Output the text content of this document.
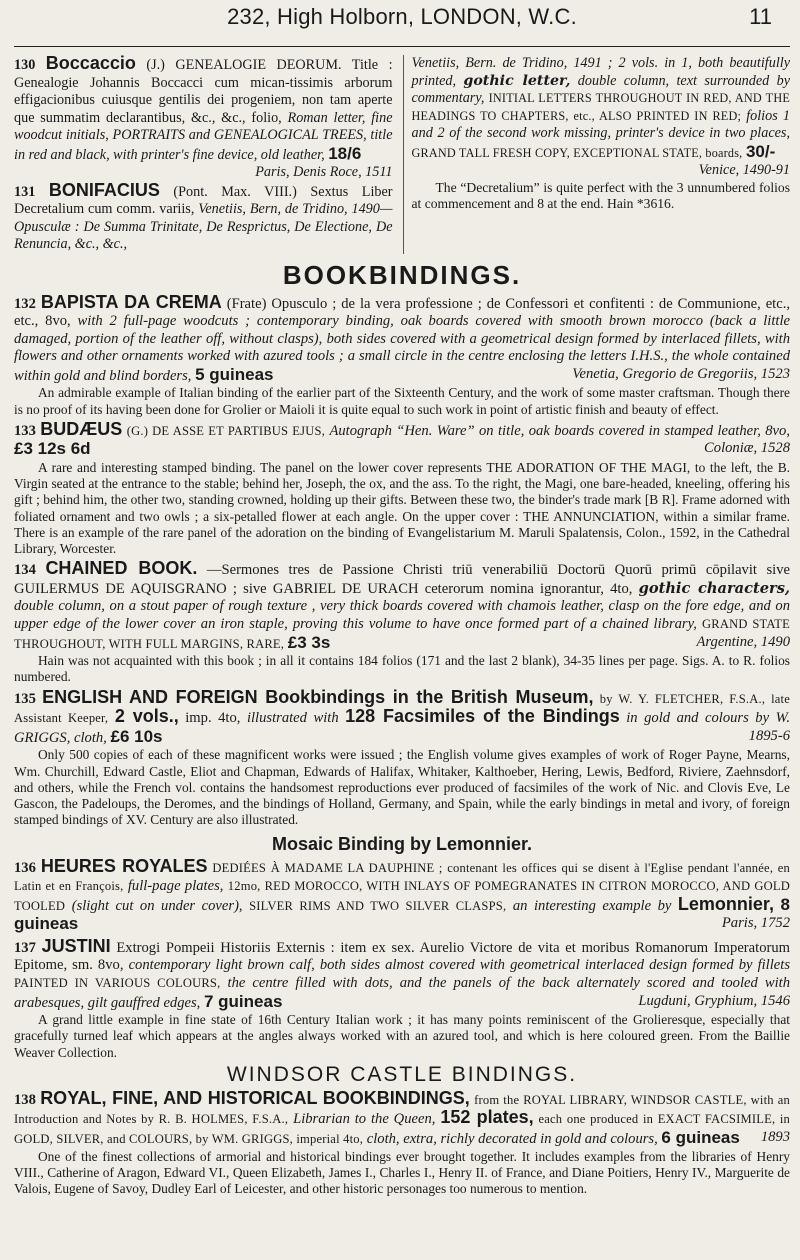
232, High Holborn, LONDON, W.C.	11

130 Boccaccio (J.) GENEALOGIE DEORUM. Title : Genealogie Johannis Boccacci cum mican-tissimis arborum effigacionibus cuiusque gentilis dei progeniem, non tam aperte que summatim declarantibus, &c., &c., folio, Roman letter, fine woodcut initials, PORTRAITS and GENEALOGICAL TREES, title in red and black, with printer's fine device, old leather, 18/6
Paris, Denis Roce, 1511

131 BONIFACIUS (Pont. Max. VIII.) Sextus Liber Decretalium cum comm. variis, Venetiis, Bern, de Tridino, 1490—Opusculæ : De Summa Trinitate, De Resprictus, De Electione, De Renuncia, &c., &c.,

Venetiis, Bern. de Tridino, 1491 ; 2 vols. in 1, both beautifully printed, gothic letter, double column, text surrounded by commentary, INITIAL LETTERS THROUGHOUT IN RED, AND THE HEADINGS TO CHAPTERS, etc., ALSO PRINTED IN RED; folios 1 and 2 of the second work missing, printer's device in two places, GRAND TALL FRESH COPY, EXCEPTIONAL STATE, boards, 30/-
Venice, 1490-91

The “Decretalium” is quite perfect with the 3 unnumbered folios at commencement and 8 at the end. Hain *3616.

BOOKBINDINGS.

132 BAPISTA DA CREMA (Frate) Opusculo ; de la vera professione ; de Confessori et confitenti : de Communione, etc., etc., 8vo, with 2 full-page woodcuts ; contemporary binding, oak boards covered with smooth brown morocco (back a little damaged, portion of the leather off, without clasps), both sides covered with a geometrical design formed by interlaced fillets, with flowers and other ornaments worked with azured tools ; a small circle in the centre enclosing the letters I.H.S., the whole contained within gold and blind borders, 5 guineas	Venetia, Gregorio de Gregoriis, 1523

An admirable example of Italian binding of the earlier part of the Sixteenth Century, and the work of some master craftsman. Though there is no proof of its having been done for Grolier or Maioli it is quite equal to such work in point of artistic finish and beauty of effect.

133 BUDÆUS (G.) DE ASSE ET PARTIBUS EJUS, Autograph “Hen. Ware” on title, oak boards covered in stamped leather, 8vo, £3 12s 6d	Coloniæ, 1528

A rare and interesting stamped binding. The panel on the lower cover represents THE ADORATION OF THE MAGI, to the left, the B. Virgin seated at the entrance to the stable; behind her, Joseph, the ox, and the ass. To the right, the Magi, one bare-headed, kneeling, offering his gift ; behind him, the other two, standing crowned, holding up their gifts. Between these two, the binder's trade mark [B R]. Frame adorned with foliated ornament and two owls ; a six-petalled flower at each angle. On the upper cover : THE ANNUNCIATION, within a similar frame. There is an example of the rare panel of the adoration on the binding of Evangelistarium M. Maruli Spalatensis, Colon., 1592, in the Cathedral Library, Worcester.

134 CHAINED BOOK. —Sermones tres de Passione Christi triū venerabiliū Doctorū Quorū primū cōpilavit sive GUILERMUS DE AQUISGRANO ; sive GABRIEL DE URACH ceterorum nomina ignorantur, 4to, gothic characters, double column, on a stout paper of rough texture , very thick boards covered with chamois leather, clasp on the fore edge, and on upper edge of the lower cover an iron staple, proving this volume to have once formed part of a chained library, GRAND STATE THROUGHOUT, WITH FULL MARGINS, RARE, £3 3s	Argentine, 1490

Hain was not acquainted with this book ; in all it contains 184 folios (171 and the last 2 blank), 34-35 lines per page. Sigs. A. to R. folios numbered.

135 ENGLISH AND FOREIGN Bookbindings in the British Museum, by W. Y. FLETCHER, F.S.A., late Assistant Keeper, 2 vols., imp. 4to, illustrated with 128 Facsimiles of the Bindings in gold and colours by W. GRIGGS, cloth, £6 10s	1895-6

Only 500 copies of each of these magnificent works were issued ; the English volume gives examples of work of Roger Payne, Mearns, Wm. Churchill, Edward Castle, Eliot and Chapman, Edwards of Halifax, Whitaker, Kalthoeber, Hering, Lewis, Bedford, Riviere, Zaehnsdorf, and others, while the French vol. contains the handsomest reproductions ever produced of facsimiles of the work of Nic. and Clovis Eve, Le Gascon, the Padeloups, the Deromes, and the bindings of Holland, Germany, and Spain, while the early bindings in metal and ivory, of foreign stamped bindings of XV. Century are also illustrated.

Mosaic Binding by Lemonnier.

136 HEURES ROYALES DEDIÉES À MADAME LA DAUPHINE ; contenant les offices qui se disent à l'Eglise pendant l'année, en Latin et en François, full-page plates, 12mo, RED MOROCCO, WITH INLAYS OF POMEGRANATES IN CITRON MOROCCO, AND GOLD TOOLED (slight cut on under cover), SILVER RIMS AND TWO SILVER CLASPS, an interesting example by Lemonnier, 8 guineas	Paris, 1752

137 JUSTINI Extrogi Pompeii Historiis Externis : item ex sex. Aurelio Victore de vita et moribus Romanorum Imperatorum Epitome, sm. 8vo, contemporary light brown calf, both sides almost covered with geometrical interlaced design formed by fillets PAINTED IN VARIOUS COLOURS, the centre filled with dots, and the panels of the back alternately scored and tooled with arabesques, gilt gauffred edges, 7 guineas	Lugduni, Gryphium, 1546

A grand little example in fine state of 16th Century Italian work ; it has many points reminiscent of the Grolieresque, especially that gracefully turned leaf which appears at the angles always worked with an azured tool, and which is here coloured green. From the Baillie Weaver Collection.

WINDSOR CASTLE BINDINGS.

138 ROYAL, FINE, AND HISTORICAL BOOKBINDINGS, from the ROYAL LIBRARY, WINDSOR CASTLE, with an Introduction and Notes by R. B. HOLMES, F.S.A., Librarian to the Queen, 152 plates, each one produced in EXACT FACSIMILE, in GOLD, SILVER, and COLOURS, by WM. GRIGGS, imperial 4to, cloth, extra, richly decorated in gold and colours, 6 guineas 1893

One of the finest collections of armorial and historical bindings ever brought together. It includes examples from the libraries of Henry VIII., Catherine of Aragon, Edward VI., Queen Elizabeth, James I., Charles I., Henry II. of France, and Diane Poitiers, Henry IV., Marguerite de Valois, Eugene of Savoy, Dudley Earl of Leicester, and other historic personages too numerous to mention.
